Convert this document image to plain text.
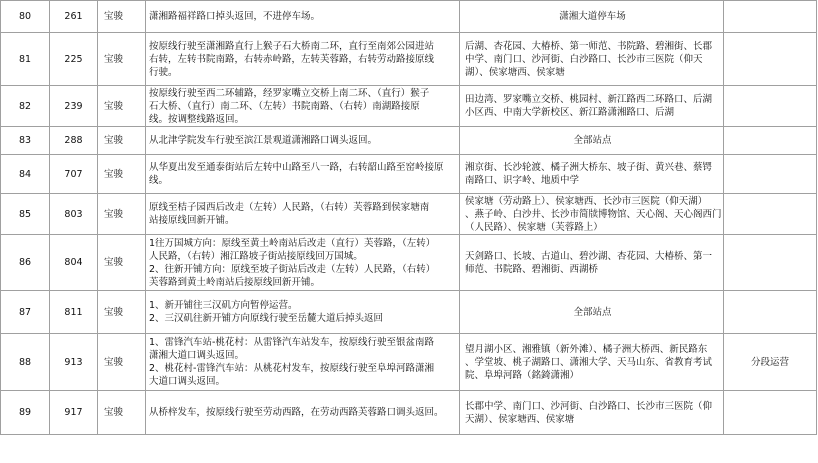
80	261	宝骏	潇湘路福祥路口掉头返回，不进停车场。	潇湘大道停车场	

81	225	宝骏	按原线行驶至潇湘路直行上猴子石大桥南二环，直行至南郊公园进站
右转，左转书院南路，右转赤岭路，左转芙蓉路，右转劳动路接原线
行驶。	后湖、杏花园、大椿桥、第一师范、书院路、碧湘街、长郡
中学、南门口、沙河街、白沙路口、长沙市三医院（仰天
湖）、侯家塘西、侯家塘	

82	239	宝骏	按原线行驶至西二环辅路，经罗家嘴立交桥上南二环、（直行）猴子
石大桥、（直行）南二环、（左转）书院南路、（右转）南湖路接原
线。按调整线路返回。	田边湾、罗家嘴立交桥、桃园村、新江路西二环路口、后湖
小区西、中南大学新校区、新江路潇湘路口、后湖	

83	288	宝骏	从北津学院发车行驶至滨江景观道潇湘路口调头返回。	全部站点	

84	707	宝骏	从华夏出发至通泰街站后左转中山路至八一路，右转韶山路至窑岭接原
线。	湘京街、长沙轮渡、橘子洲大桥东、坡子街、黄兴巷、蔡锷
南路口、识字岭、地质中学	

85	803	宝骏	原线至桔子园西后改走（左转）人民路，（右转）芙蓉路到侯家塘南
站接原线回新开铺。	侯家塘（劳动路上）、侯家塘西、长沙市三医院（仰天湖）
、燕子岭、白沙井、长沙市简牍博物馆、天心阁、天心阁西门
（人民路）、侯家塘（芙蓉路上）	

86	804	宝骏	1往万国城方向：原线至黄土岭南站后改走（直行）芙蓉路，（左转）
人民路，（右转）湘江路坡子街站接原线回万国城。
2、往新开铺方向：原线至坡子街站后改走（左转）人民路，（右转）
芙蓉路到黄土岭南站后接原线回新开铺。	天剑路口、长坡、古道山、碧沙湖、杏花园、大椿桥、第一
师范、书院路、碧湘街、西湖桥	

87	811	宝骏	1、新开铺往三汉矶方向暂停运营。
2、三汉矶往新开铺方向原线行驶至岳麓大道后掉头返回	全部站点	

88	913	宝骏	1、雷锋汽车站-桃花村：从雷锋汽车站发车，按原线行驶至银盆南路
潇湘大道口调头返回。
2、桃花村-雷锋汽车站：从桃花村发车，按原线行驶至阜埠河路潇湘
大道口调头返回。	望月湖小区、湘雅镇（新外滩）、橘子洲大桥西、新民路东
、学堂坡、桃子湖路口、潇湘大学、天马山东、省教育考试
院、阜埠河路（銘錡潇湘）	分段运营
89	917	宝骏	从桥梓发车，按原线行驶至劳动西路，在劳动西路芙蓉路口调头返回。	长郡中学、南门口、沙河街、白沙路口、长沙市三医院（仰
天湖）、侯家塘西、侯家塘	
